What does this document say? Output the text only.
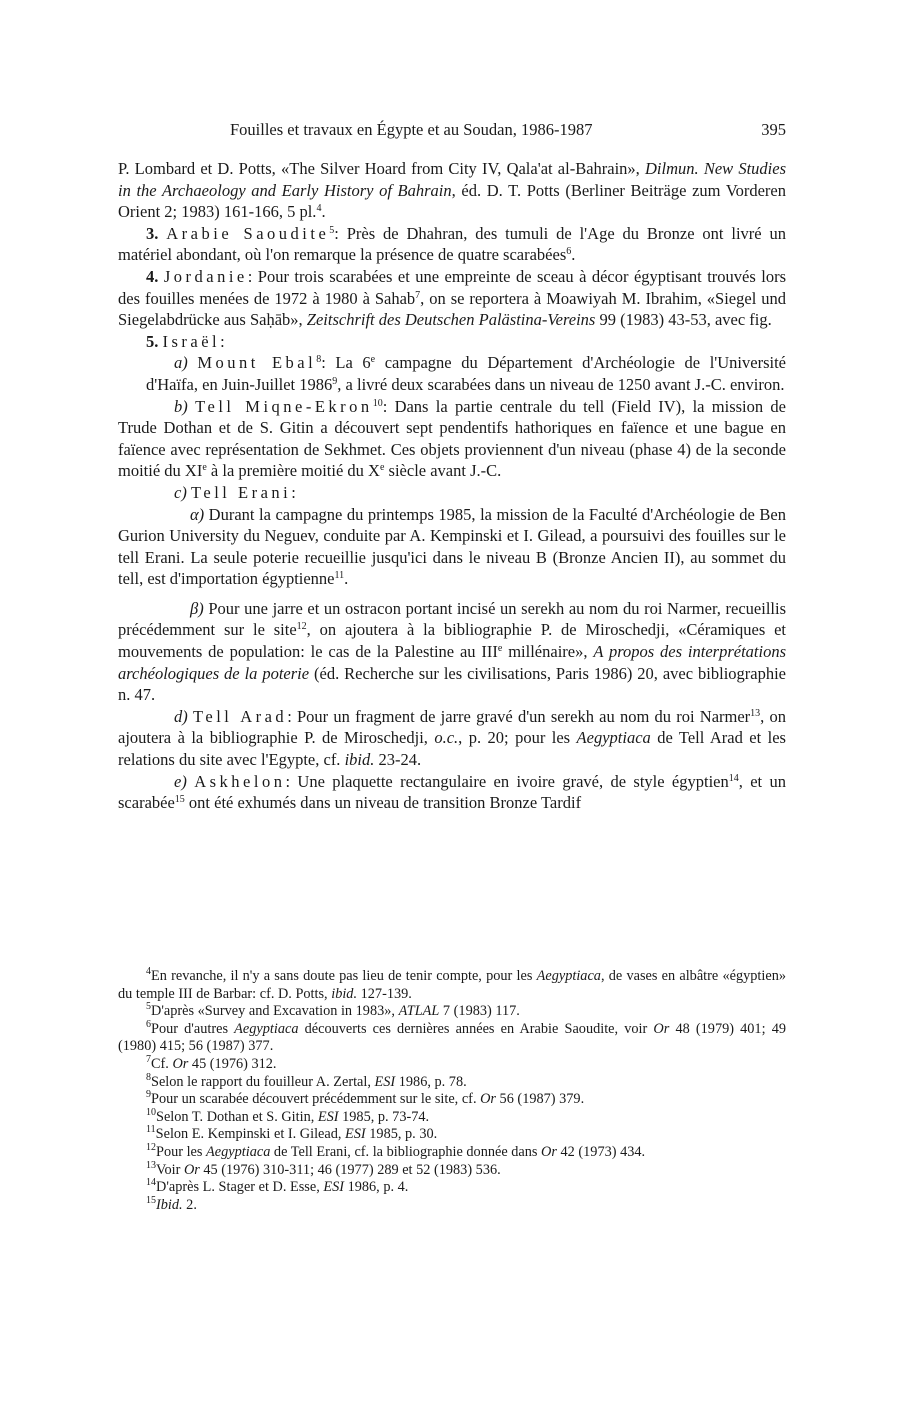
Fouilles et travaux en Égypte et au Soudan, 1986-1987	395

P. Lombard et D. Potts, «The Silver Hoard from City IV, Qala'at al-Bahrain», Dilmun. New Studies in the Archaeology and Early History of Bahrain, éd. D. T. Potts (Berliner Beiträge zum Vorderen Orient 2; 1983) 161-166, 5 pl.$^4$.

3. Arabie Saoudite$^5$: Près de Dhahran, des tumuli de l'Age du Bronze ont livré un matériel abondant, où l'on remarque la présence de quatre scarabées$^6$.

4. Jordanie: Pour trois scarabées et une empreinte de sceau à décor égyptisant trouvés lors des fouilles menées de 1972 à 1980 à Sahab$^7$, on se reportera à Moawiyah M. Ibrahim, «Siegel und Siegelabdrücke aus Saḥāb», Zeitschrift des Deutschen Palästina-Vereins 99 (1983) 43-53, avec fig.

5. Israël:

a) Mount Ebal$^8$: La 6e campagne du Département d'Archéologie de l'Université d'Haïfa, en Juin-Juillet 1986$^9$, a livré deux scarabées dans un niveau de 1250 avant J.-C. environ.

b) Tell Miqne-Ekron$^{10}$: Dans la partie centrale du tell (Field IV), la mission de Trude Dothan et de S. Gitin a découvert sept pendentifs hathoriques en faïence et une bague en faïence avec représentation de Sekhmet. Ces objets proviennent d'un niveau (phase 4) de la seconde moitié du XIe à la première moitié du Xe siècle avant J.-C.

c) Tell Erani:

α) Durant la campagne du printemps 1985, la mission de la Faculté d'Archéologie de Ben Gurion University du Neguev, conduite par A. Kempinski et I. Gilead, a poursuivi des fouilles sur le tell Erani. La seule poterie recueillie jusqu'ici dans le niveau B (Bronze Ancien II), au sommet du tell, est d'importation égyptienne$^{11}$.

β) Pour une jarre et un ostracon portant incisé un serekh au nom du roi Narmer, recueillis précédemment sur le site$^{12}$, on ajoutera à la bibliographie P. de Miroschedji, «Céramiques et mouvements de population: le cas de la Palestine au IIIe millénaire», A propos des interprétations archéologiques de la poterie (éd. Recherche sur les civilisations, Paris 1986) 20, avec bibliographie n. 47.

d) Tell Arad: Pour un fragment de jarre gravé d'un serekh au nom du roi Narmer$^{13}$, on ajoutera à la bibliographie P. de Miroschedji, o.c., p. 20; pour les Aegyptiaca de Tell Arad et les relations du site avec l'Egypte, cf. ibid. 23-24.

e) Askhelon: Une plaquette rectangulaire en ivoire gravé, de style égyptien$^{14}$, et un scarabée$^{15}$ ont été exhumés dans un niveau de transition Bronze Tardif

$^4$En revanche, il n'y a sans doute pas lieu de tenir compte, pour les Aegyptiaca, de vases en albâtre «égyptien» du temple III de Barbar: cf. D. Potts, ibid. 127-139.

$^5$D'après «Survey and Excavation in 1983», ATLAL 7 (1983) 117.

$^6$Pour d'autres Aegyptiaca découverts ces dernières années en Arabie Saoudite, voir Or 48 (1979) 401; 49 (1980) 415; 56 (1987) 377.

$^7$Cf. Or 45 (1976) 312.

$^8$Selon le rapport du fouilleur A. Zertal, ESI 1986, p. 78.

$^9$Pour un scarabée découvert précédemment sur le site, cf. Or 56 (1987) 379.

$^{10}$Selon T. Dothan et S. Gitin, ESI 1985, p. 73-74.

$^{11}$Selon E. Kempinski et I. Gilead, ESI 1985, p. 30.

$^{12}$Pour les Aegyptiaca de Tell Erani, cf. la bibliographie donnée dans Or 42 (1973) 434.

$^{13}$Voir Or 45 (1976) 310-311; 46 (1977) 289 et 52 (1983) 536.

$^{14}$D'après L. Stager et D. Esse, ESI 1986, p. 4.

$^{15}$Ibid. 2.
